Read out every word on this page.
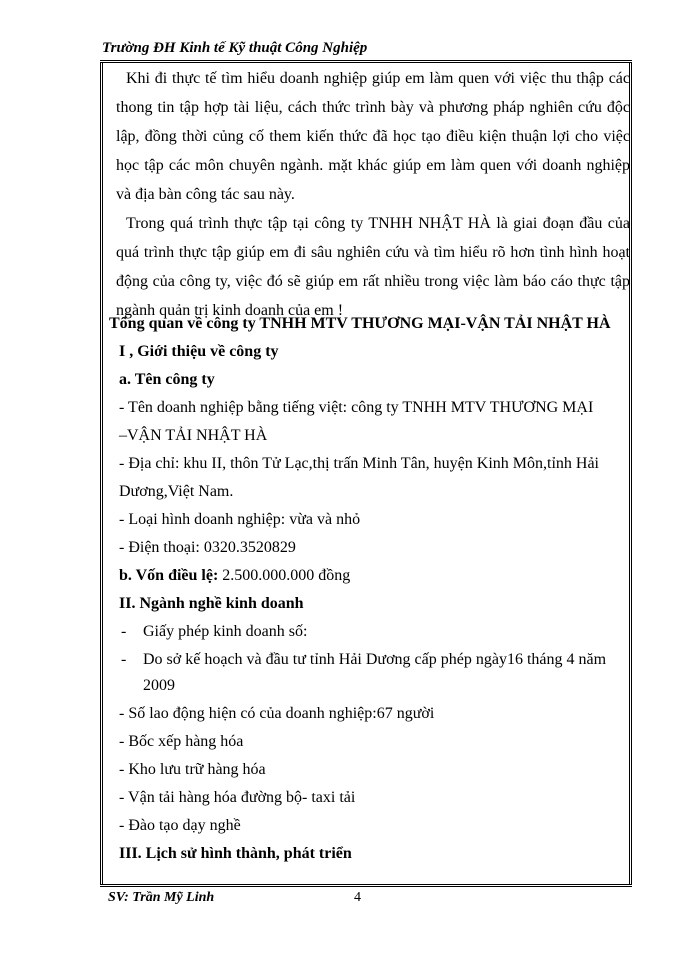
Trường ĐH Kinh tế Kỹ thuật Công Nghiệp

Khi đi thực tế tìm hiểu doanh nghiệp giúp em làm quen với việc thu thập các thong tin tập hợp tài liệu, cách thức trình bày và phương pháp nghiên cứu độc lập, đồng thời củng cố them kiến thức đã học tạo điều kiện thuận lợi cho việc học tập các môn chuyên ngành. mặt khác giúp em làm quen với doanh nghiệp và địa bàn công tác sau này.

Trong quá trình thực tập tại công ty TNHH NHẬT HÀ là giai đoạn đầu của quá trình thực tập giúp em đi sâu nghiên cứu và tìm hiểu rõ hơn tình hình hoạt động của công ty, việc đó sẽ giúp em rất nhiều trong việc làm báo cáo thực tập ngành quản trị kinh doanh của em !

Tổng quan về công ty TNHH MTV THƯƠNG MẠI-VẬN TẢI NHẬT HÀ
I , Giới thiệu về công ty
a. Tên công ty
- Tên doanh nghiệp bằng tiếng việt: công ty TNHH MTV THƯƠNG MẠI
–VẬN TẢI NHẬT HÀ
- Địa chỉ: khu II, thôn Tử Lạc,thị trấn Minh Tân, huyện Kinh Môn,tỉnh Hải
Dương,Việt Nam.
- Loại hình doanh nghiệp: vừa và nhỏ
- Điện thoại: 0320.3520829
b. Vốn điều lệ: 2.500.000.000 đồng
II. Ngành nghề kinh doanh
- Giấy phép kinh doanh số:
- Do sở kế hoạch và đầu tư tỉnh Hải Dương cấp phép ngày16 tháng 4 năm
2009
- Số lao động hiện có của doanh nghiệp:67 người
- Bốc xếp hàng hóa
- Kho lưu trữ hàng hóa
- Vận tải hàng hóa đường bộ- taxi tải
- Đào tạo dạy nghề
III. Lịch sử hình thành, phát triển
SV: Trần Mỹ Linh	4
